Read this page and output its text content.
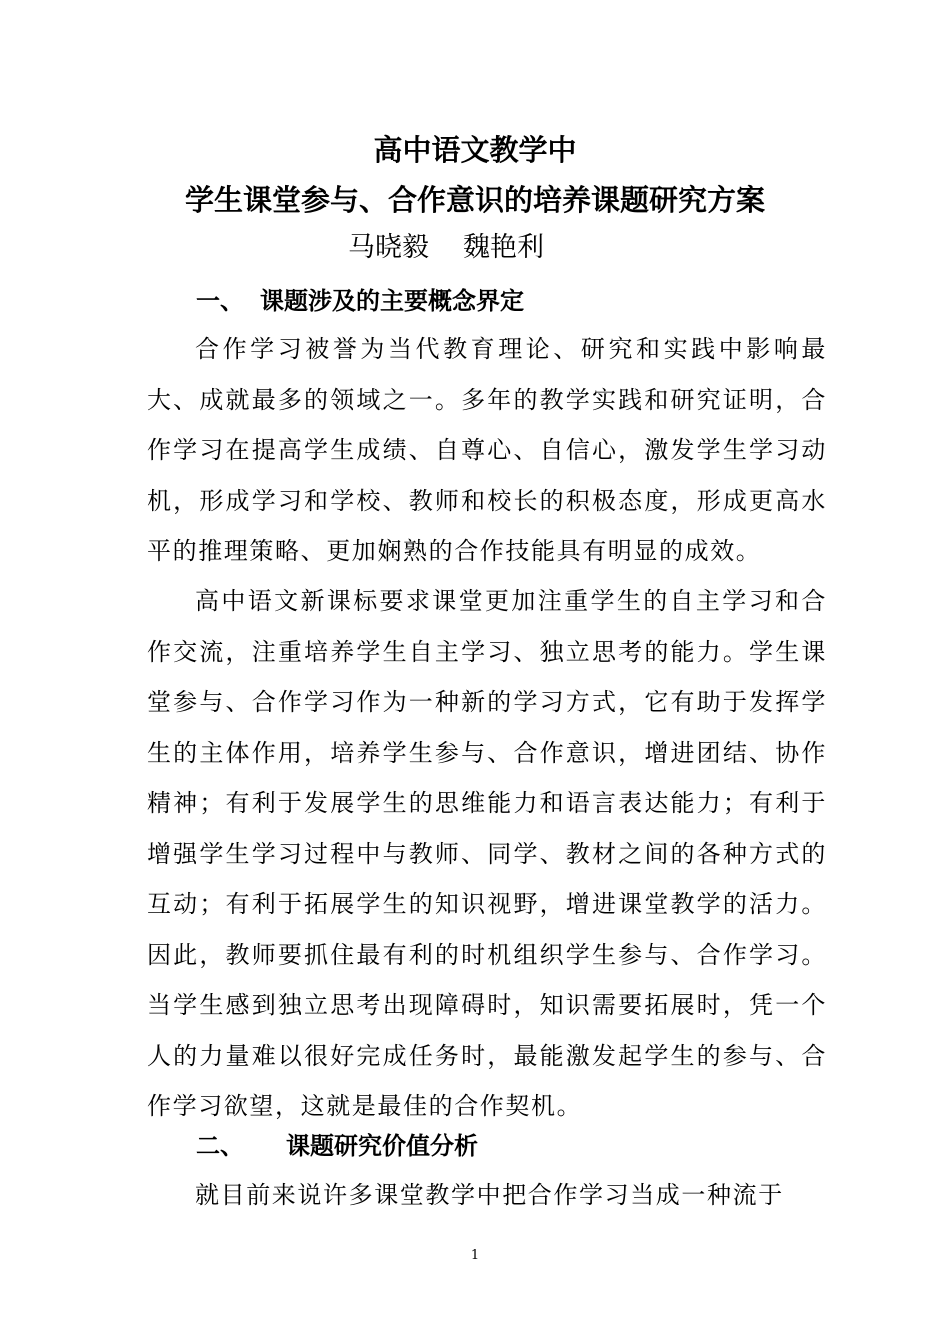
高中语文教学中
学生课堂参与、合作意识的培养课题研究方案
马晓毅 魏艳利
一、 课题涉及的主要概念界定

合作学习被誉为当代教育理论、研究和实践中影响最大、成就最多的领域之一。多年的教学实践和研究证明，合作学习在提高学生成绩、自尊心、自信心，激发学生学习动机，形成学习和学校、教师和校长的积极态度，形成更高水平的推理策略、更加娴熟的合作技能具有明显的成效。

高中语文新课标要求课堂更加注重学生的自主学习和合作交流，注重培养学生自主学习、独立思考的能力。学生课堂参与、合作学习作为一种新的学习方式，它有助于发挥学生的主体作用，培养学生参与、合作意识，增进团结、协作精神；有利于发展学生的思维能力和语言表达能力；有利于增强学生学习过程中与教师、同学、教材之间的各种方式的互动；有利于拓展学生的知识视野，增进课堂教学的活力。因此，教师要抓住最有利的时机组织学生参与、合作学习。当学生感到独立思考出现障碍时，知识需要拓展时，凭一个人的力量难以很好完成任务时，最能激发起学生的参与、合作学习欲望，这就是最佳的合作契机。

二、 课题研究价值分析

就目前来说许多课堂教学中把合作学习当成一种流于

1
